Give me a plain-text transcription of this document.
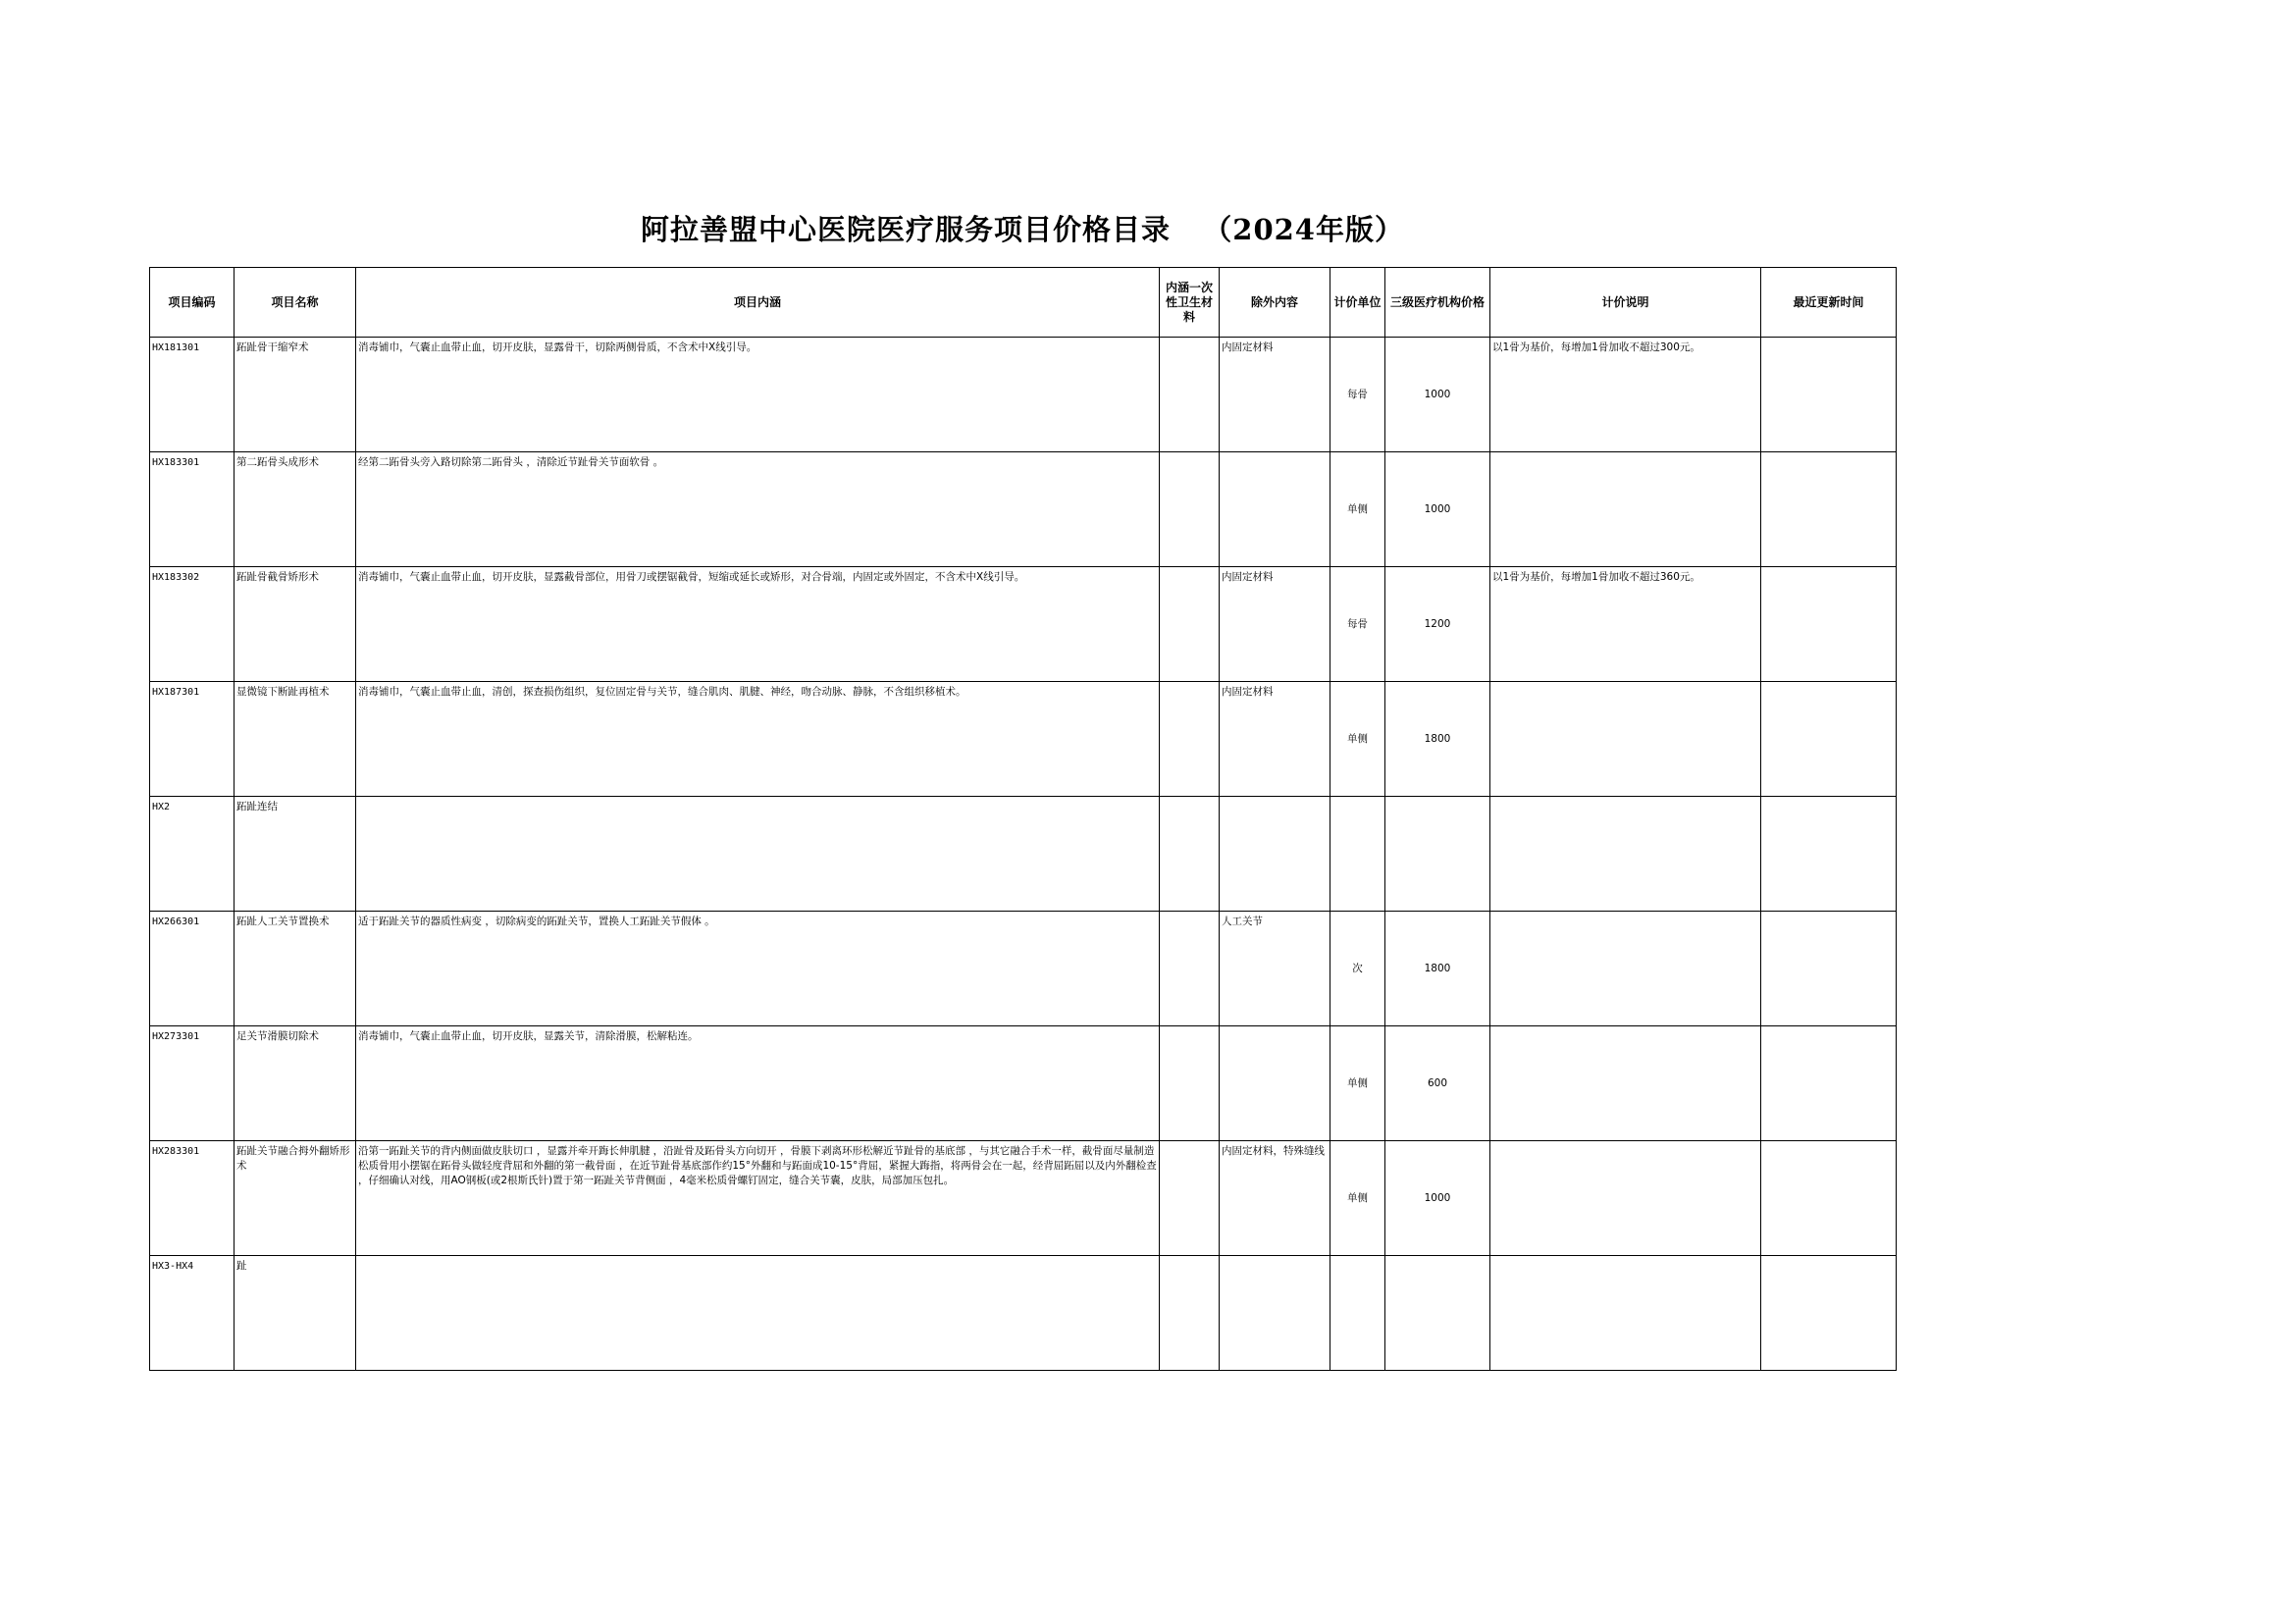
阿拉善盟中心医院医疗服务项目价格目录   （2024年版）
项目编码	项目名称	项目内涵	内涵一次性卫生材料	除外内容	计价单位	三级医疗机构价格	计价说明	最近更新时间
HX181301	跖趾骨干缩窄术	消毒铺巾，气囊止血带止血，切开皮肤，显露骨干，切除两侧骨质，不含术中X线引导。		内固定材料	每骨	1000	以1骨为基价，每增加1骨加收不超过300元。	
HX183301	第二跖骨头成形术	经第二跖骨头旁入路切除第二跖骨头 ，清除近节趾骨关节面软骨 。			单侧	1000		
HX183302	跖趾骨截骨矫形术	消毒铺巾，气囊止血带止血，切开皮肤，显露截骨部位，用骨刀或摆锯截骨，短缩或延长或矫形，对合骨端，内固定或外固定，不含术中X线引导。		内固定材料	每骨	1200	以1骨为基价，每增加1骨加收不超过360元。	
HX187301	显微镜下断趾再植术	消毒铺巾，气囊止血带止血，清创，探查损伤组织，复位固定骨与关节，缝合肌肉、肌腱、神经，吻合动脉、静脉，不含组织移植术。		内固定材料	单侧	1800		
HX2	跖趾连结							
HX266301	跖趾人工关节置换术	适于跖趾关节的器质性病变 ，切除病变的跖趾关节，置换人工跖趾关节假体 。		人工关节	次	1800		
HX273301	足关节滑膜切除术	消毒铺巾，气囊止血带止血，切开皮肤，显露关节，清除滑膜，松解粘连。			单侧	600		
HX283301	跖趾关节融合拇外翻矫形术	沿第一跖趾关节的背内侧面做皮肤切口 ，显露并牵开踇长伸肌腱 ，沿趾骨及跖骨头方向切开 ，骨膜下剥离环形松解近节趾骨的基底部 ，与其它融合手术一样，截骨面尽量制造松质骨用小摆锯在跖骨头做轻度背屈和外翻的第一截骨面 ，在近节趾骨基底部作约15°外翻和与跖面成10-15°背屈，紧握大踇指，将两骨会在一起，经背屈跖屈以及内外翻检查 ，仔细确认对线，用AO钢板(或2根斯氏针)置于第一跖趾关节背侧面 ，4毫米松质骨螺钉固定，缝合关节囊，皮肤，局部加压包扎。		内固定材料，特殊缝线	单侧	1000		
HX3-HX4	趾							
